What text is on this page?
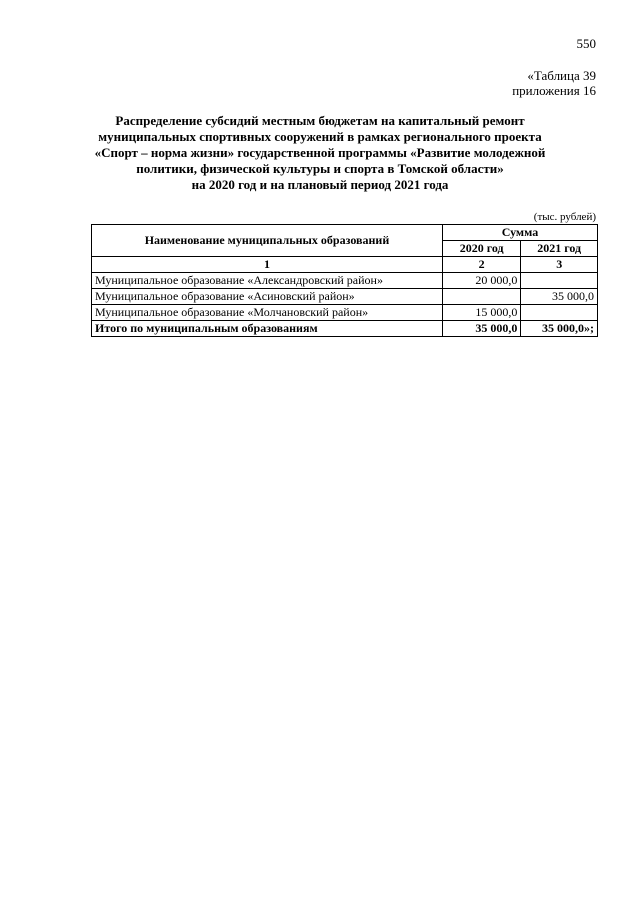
550
«Таблица 39
приложения 16
Распределение субсидий местным бюджетам на капитальный ремонт
муниципальных спортивных сооружений в рамках регионального проекта
«Спорт – норма жизни» государственной программы «Развитие молодежной
политики, физической культуры и спорта в Томской области»
на 2020 год и на плановый период 2021 года
(тыс. рублей)
Наименование муниципальных образований	Сумма	
	2020 год	2021 год
1	2	3
Муниципальное образование «Александровский район»	20 000,0	
Муниципальное образование «Асиновский район»		35 000,0
Муниципальное образование «Молчановский район»	15 000,0	
Итого по муниципальным образованиям	35 000,0	35 000,0»;
